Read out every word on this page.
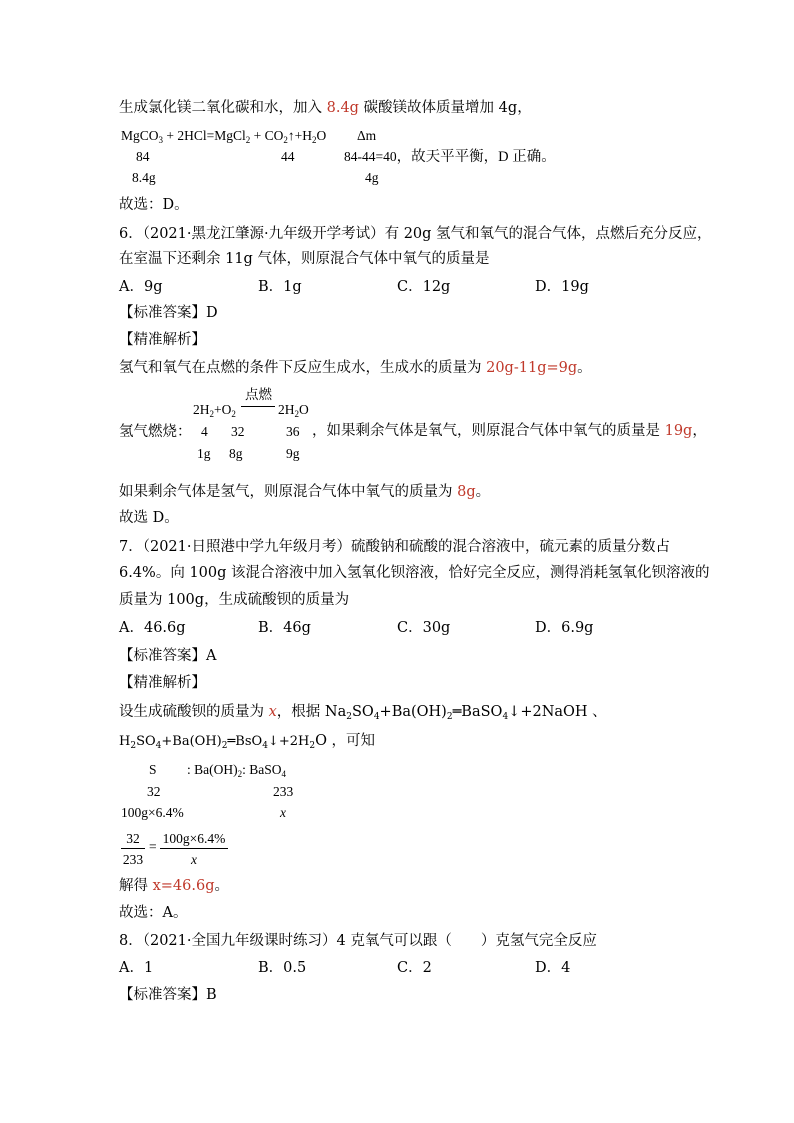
生成氯化镁二氧化碳和水，加入 8.4g 碳酸镁故体质量增加 4g，
MgCO$_3$ + 2HCl=MgCl$_2$ + $CO_2↑+H_2O$ Δm
84	44	84-44=40，故天平平衡，D 正确。
8.4g	4g
故选：D。
6．（2021·黑龙江肇源·九年级开学考试）有 20g 氢气和氧气的混合气体，点燃后充分反应，
在室温下还剩余 11g 气体，则原混合气体中氧气的质量是
A．9g	B．1g	C．12g	D．19g
【标准答案】D
【精准解析】
氢气和氧气在点燃的条件下反应生成水，生成水的质量为 20g-11g=9g。
点燃
$2H_2+O_2$	$2H_2O$
氢气燃烧： 4 32	36 ，如果剩余气体是氧气，则原混合气体中氧气的质量是 19g，
1g 8g	9g
如果剩余气体是氢气，则原混合气体中氧气的质量为 8g。
故选 D。
7．（2021·日照港中学九年级月考）硫酸钠和硫酸的混合溶液中，硫元素的质量分数占
6.4%。向 100g 该混合溶液中加入氢氧化钡溶液，恰好完全反应，测得消耗氢氧化钡溶液的
质量为 100g，生成硫酸钡的质量为
A．46.6g	B．46g	C．30g	D．6.9g
【标准答案】A
【精准解析】
设生成硫酸钡的质量为 x，根据 $Na_2SO_4+Ba(OH)_2═BaSO_4↓+2NaOH$ 、
$H_2SO_4+Ba(OH)_2═BsO_4↓+2H_2O$ ，可知
S : $Ba(OH)_2$: BaSO$_4$
32	233
100g×6.4%	x
32
233
=
100g×6.4%
x
解得 x=46.6g。
故选：A。
8．（2021·全国九年级课时练习）4 克氧气可以跟（　　）克氢气完全反应
A．1	B．0.5	C．2	D．4
【标准答案】B
